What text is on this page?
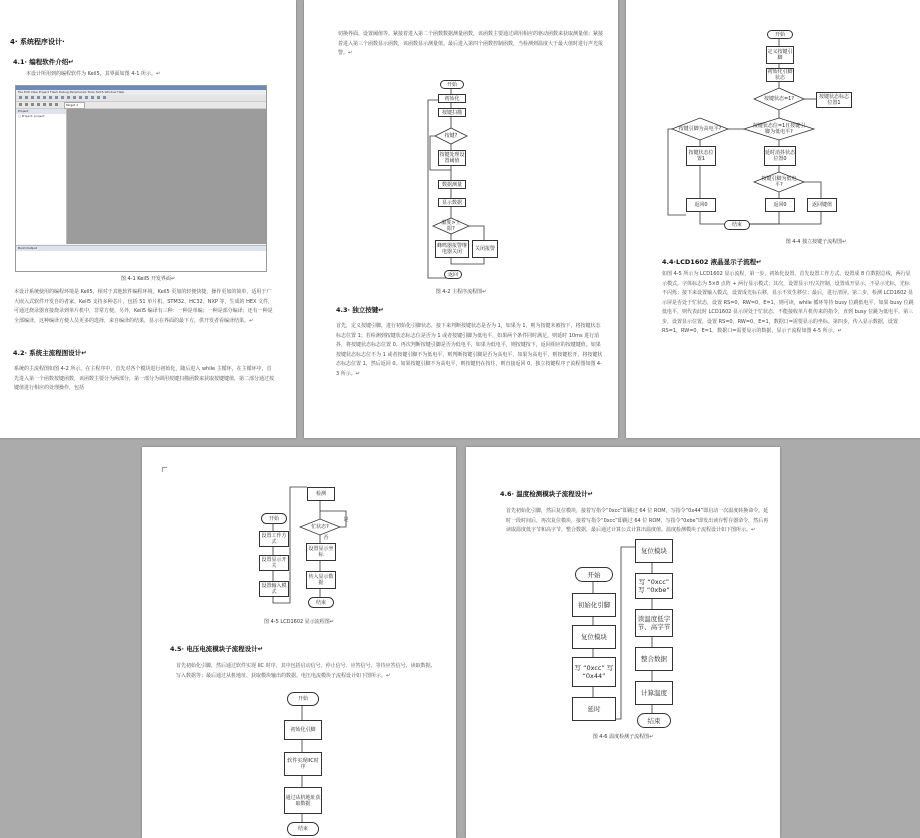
4· 系统程序设计·
4.1· 编程软件介绍↵
本设计所用到的编程软件为 Keil5，其界面如图 4-1 所示。↵
File Edit View Project Flash Debug Peripherals Tools SVCS Window Help
Target 1
Project
□ Project: project
Build Output
图 4-1 Keil5 开发界面↵
本设计系统使用的编程环境是 Keil5，相对于其他软件编程环境，Keil5 更加的轻便快捷，操作更加的简单，适用于广大嵌入式软件开发自的者家。Keil5 支持多种芯片，包括 51 单片机、STM32、HC32、NXP 等，生成的 HEX 文件，可通过烧录器直接烧录到单片机中，非常方便。另外，Keil5 编译有三种：一种是单编；一种是部分编译；还有一种是全部编译，这种编译方便人员更多的选择，来自编译的结果，显示在界面的最下方，供开发者看编译结果。↵
4.2· 系统主流程图设计↵
系统的主流程图如图 4-2 所示。在主程序中，首先对各个模块进行初始化，随后进入 while 主循环，在主循环中，首先进入第一个函数按键函数，该函数主要分为两部分，第一部分为调用按键扫描函数来获取按键键值，第二部分通过按键值进行相应的处理操作，包括
切换界面、设置阈值等。紧接着进入第二个函数数据测量函数，该函数主要通过调用相应的驱动函数来获取测量值；紧接着进入第三个函数显示函数，该函数显示测量值。最后进入第四个函数控制函数，当检测到温度大于最大值时进行声光报警。↵
开始
初始化
按键扫描
按键?
按键处理设置阈值
数据测量
显示数据
温度>上限?
蜂鸣器报警继电器关闭	关闭报警
返回
图 4-2 主程序流程图↵
4.3· 独立按键↵
首先，定义按键引脚，进行初始化引脚状态，接下来判断按键状态是否为 1，如果为 1，则为按键未被按下，将按键状态标志位置 1；若检测到按键状态标志位是否为 1 或者按键引脚为低电平，如果两个条件同时满足，则延时 10ms 进行消抖，将按键状态标志位置 0。再次判断按键引脚是否为低电平，如果为低电平，则按键按下，返回相应的按键键值。如果按键状态标志位不为 1 或者按键引脚不为低电平，则判断按键引脚是否为高电平，如果为高电平，则按键松开，将按键状态标志位置 1，然后返回 0。如果按键引脚不为高电平，则按键仍在按住，则直接返回 0，独立按键程序子流程图如图 4-3 所示。↵
开始
定义按键引脚
初始化引脚状态
按键状态=1?	按键状态标志位置1
按键状态位=1且按键引脚为低电平?
按键引脚为高电平?
延时消抖状态位置0
按键状态位置1
按键引脚为低电平?
返回0	返回0	返回键值
结束
图 4-4 独立按键子流程图↵
4.4·LCD1602 液晶显示子流程↵
如图 4-5 所示为 LCD1602 显示流程，第一步，初始化设置，首先设置工作方式，设置成 8 位数据总线，两行显示模式，字体标志为 5×8 点阵 + 两行显示模式；其次，设置显示开/关控制，设置成开显示，不显示光标，光标不闪烁；接下来设置输入模式，设置成光标右移，显示不发生移位；最后，进行清屏。第二步，检测 LCD1602 显示屏是否处于忙状态，设置 RS=0，RW=0，E=1，则可读，while 循环等待 busy 位跳低电平，如果 busy 位跳低电平，则代表此时 LCD1602 显示屏处于忙状态，不能接收单片机传来的指令，直到 busy 位跳为低电平。第三步，设置显示位置，设置 RS=0，RW=0，E=1，数据口=需要显示的坐标。第四步，传入显示数据，设置 RS=1，RW=0，E=1，数据口=需要显示的数据，显示子流程如图 4-5 所示。↵
开始
设置工作方式
设置显示开关
设置输入模式
检测
忙状态?
是
否
设置显示坐标
传入显示数据
结束
图 4-5 LCD1602 显示流程图↵
4.5· 电压电流模块子流程设计↵
首先初始化引脚，然后通过软件实现 IIC 时序，其中包括启动信号、停止信号、应答信号、等待应答信号、读取数据、写入数据等；最后通过从机地址、获取模块输出的数据。电压电流模块子流程设计如下图所示。↵
开始
初始化引脚
软件实现IIC时序
通过从机地址获取数据
结束
4.6· 温度检测模块子流程设计↵
首先初始化引脚，然后复位模块，接着写指令“0xcc”即跳过 64 位 ROM，写指令“0x44”即启动一次温度转换命令。延时一段时间后，再次复位模块，接着写指令“0xcc”即跳过 64 位 ROM，写指令“0xbe”即发出读存暂存器命令，然后再读取温度低字节和高字节，整合数据，最后通过计算公式计算出温度值。温度检测模块子流程设计如下图所示。↵
开始
初始化引脚
复位模块
写 “0xcc” 写 “0x44”
延时
复位模块
写 “0xcc” 写 “0xbe”
读温度低字节、高字节
整合数据
计算温度
结束
图 4-6 温度检测子流程图↵
